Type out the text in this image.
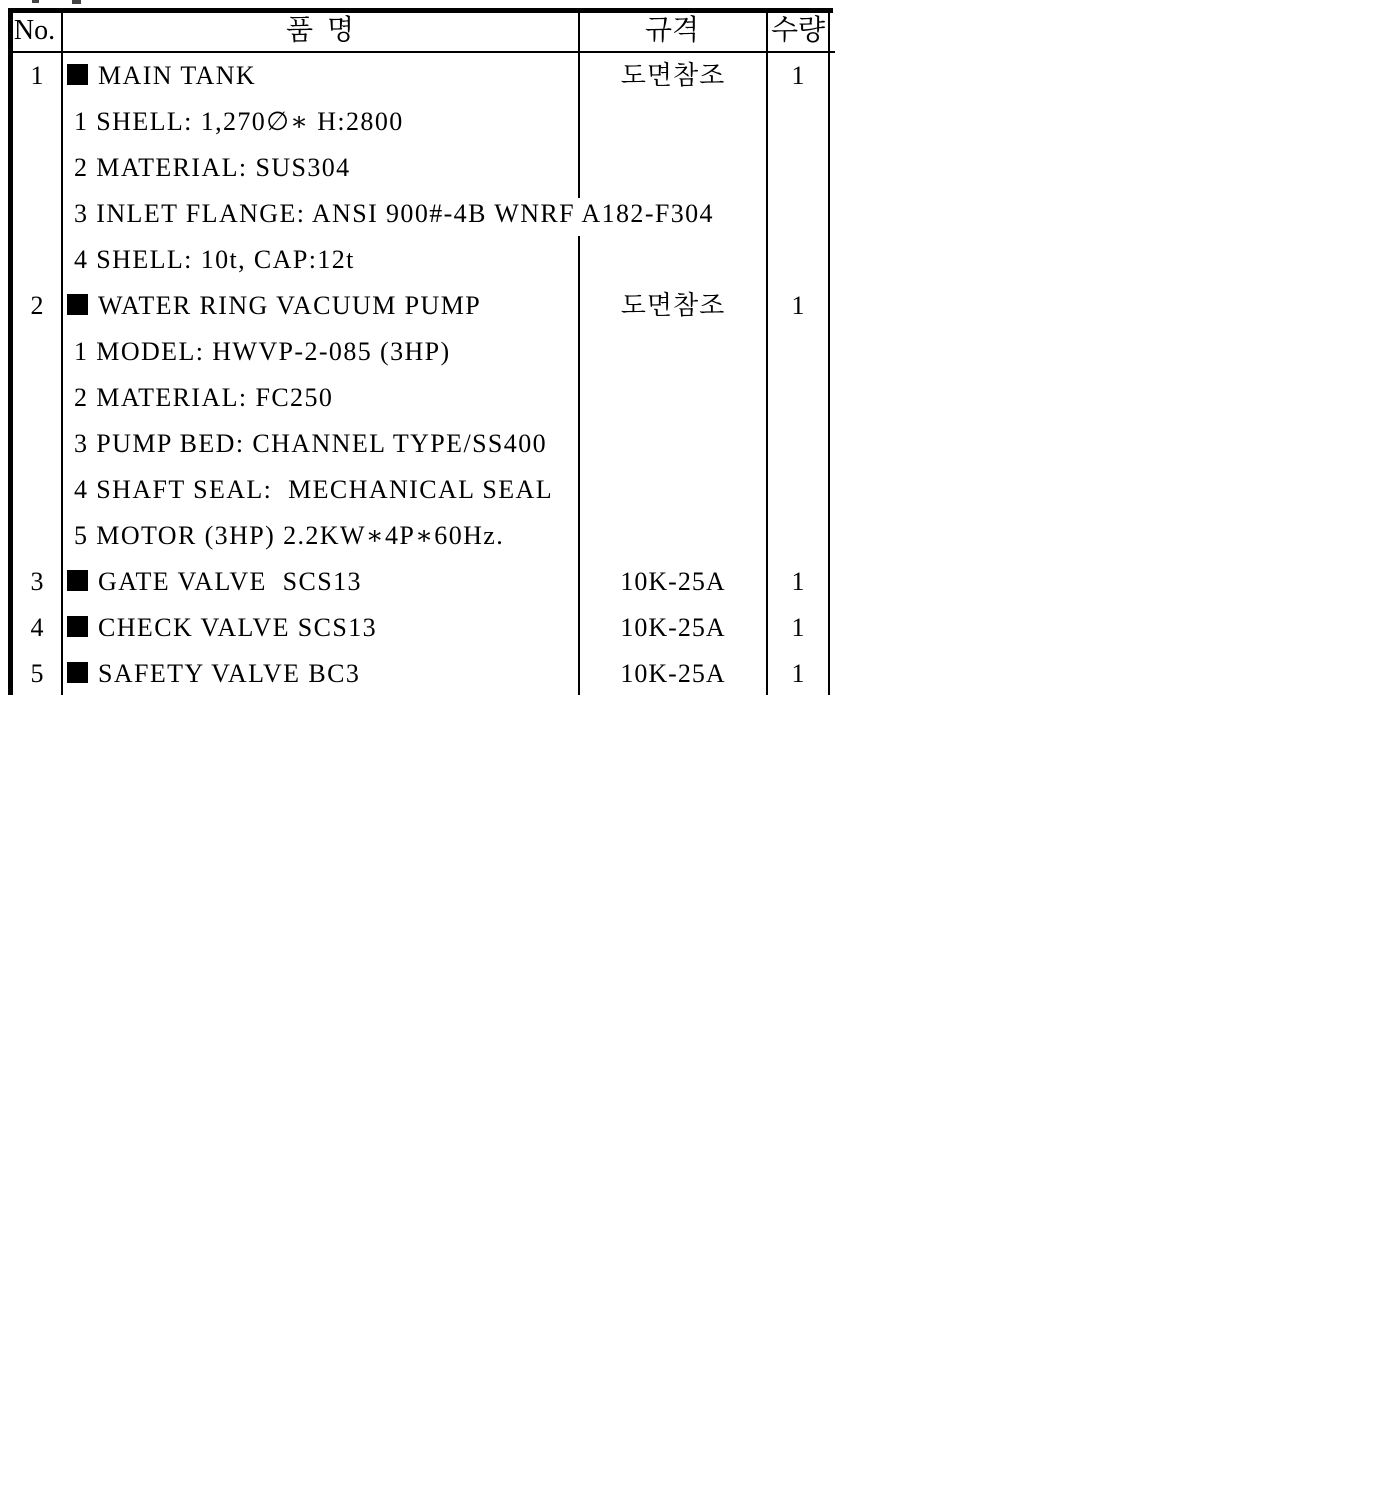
No.	품  명	규격	수량
1	MAIN TANK	도면참조	1
1 SHELL: 1,270∅∗ H:2800
2 MATERIAL: SUS304
3 INLET FLANGE: ANSI 900#-4B WNRF A182-F304
4 SHELL: 10t, CAP:12t
2	WATER RING VACUUM PUMP	도면참조	1
1 MODEL: HWVP-2-085 (3HP)
2 MATERIAL: FC250
3 PUMP BED: CHANNEL TYPE/SS400
4 SHAFT SEAL:  MECHANICAL SEAL
5 MOTOR (3HP) 2.2KW∗4P∗60Hz.
3	GATE VALVE  SCS13	10K-25A	1
4	CHECK VALVE SCS13	10K-25A	1
5	SAFETY VALVE BC3	10K-25A	1
